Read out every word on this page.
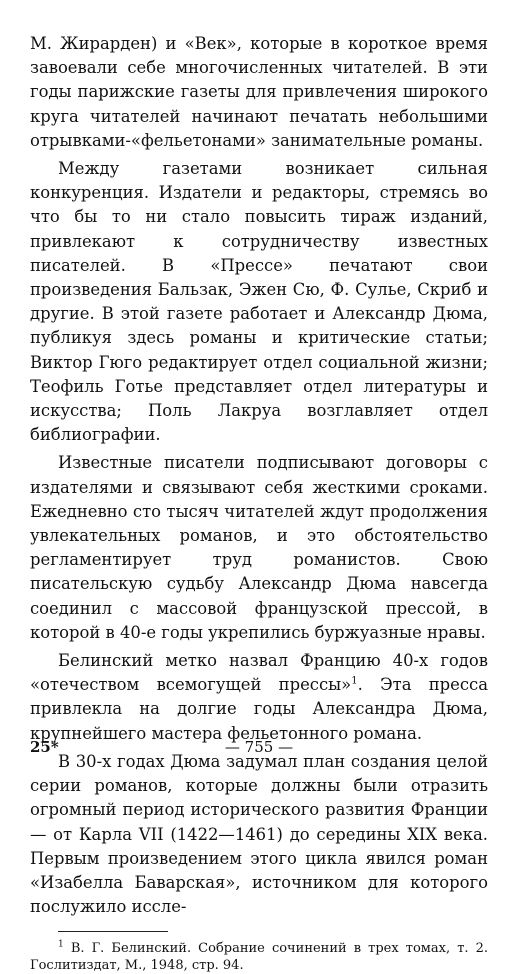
М. Жирарден) и «Век», которые в короткое время завоевали себе многочисленных читателей. В эти годы парижские газеты для привлечения широкого круга читателей начинают печатать небольшими отрывками-«фельетонами» занимательные романы.

Между газетами возникает сильная конкуренция. Издатели и редакторы, стремясь во что бы то ни стало повысить тираж изданий, привлекают к сотрудничеству известных писателей. В «Прессе» печатают свои произведения Бальзак, Эжен Сю, Ф. Сулье, Скриб и другие. В этой газете работает и Александр Дюма, публикуя здесь романы и критические статьи; Виктор Гюго редактирует отдел социальной жизни; Теофиль Готье представляет отдел литературы и искусства; Поль Лакруа возглавляет отдел библиографии.

Известные писатели подписывают договоры с издателями и связывают себя жесткими сроками. Ежедневно сто тысяч читателей ждут продолжения увлекательных романов, и это обстоятельство регламентирует труд романистов. Свою писательскую судьбу Александр Дюма навсегда соединил с массовой французской прессой, в которой в 40-е годы укрепились буржуазные нравы.

Белинский метко назвал Францию 40-х годов «отечеством всемогущей прессы»$^1$. Эта пресса привлекла на долгие годы Александра Дюма, крупнейшего мастера фельетонного романа.

В 30-х годах Дюма задумал план создания целой серии романов, которые должны были отразить огромный период исторического развития Франции — от Карла VII (1422—1461) до середины XIX века. Первым произведением этого цикла явился роман «Изабелла Баварская», источником для которого послужило иссле-

$^1$ В. Г. Белинский. Собрание сочинений в трех томах, т. 2. Гослитиздат, М., 1948, стр. 94.

25*	— 755 —
